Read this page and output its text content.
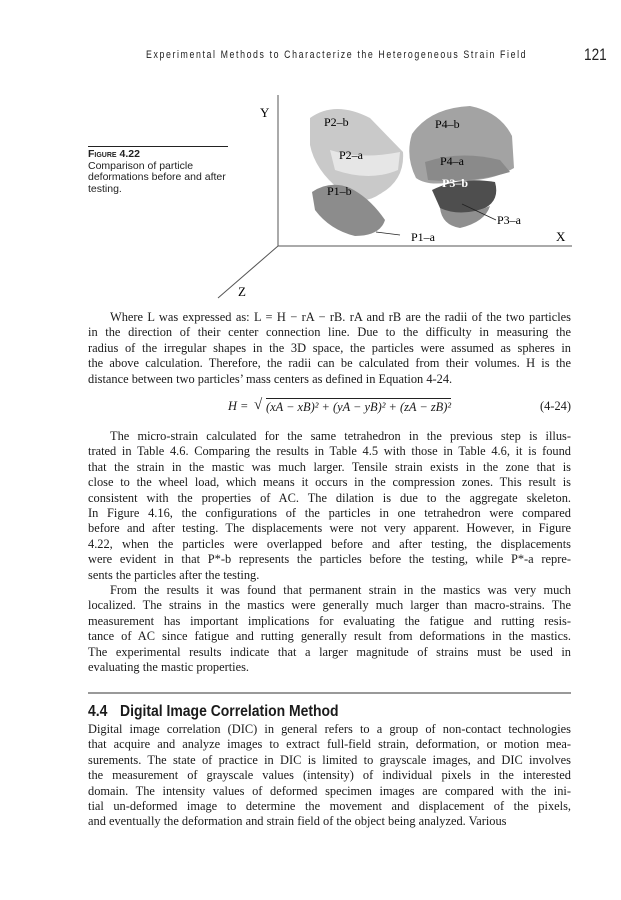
Experimental Methods to Characterize the Heterogeneous Strain Field	121
Figure 4.22
Comparison of particle deformations before and after testing.
Y
X
Z
P2–b
P2–a
P4–b
P4–a
P3–b
P3–a
P1–b
P1–a
Where L was expressed as: L = H − rA − rB. rA and rB are the radii of the two particles
in the direction of their center connection line. Due to the difficulty in measuring the
radius of the irregular shapes in the 3D space, the particles were assumed as spheres in
the above calculation. Therefore, the radii can be calculated from their volumes. H is the
distance between two particles’ mass centers as defined in Equation 4-24.
H = √ (xA − xB)² + (yA − yB)² + (zA − zB)²	(4-24)
The micro-strain calculated for the same tetrahedron in the previous step is illus-
trated in Table 4.6. Comparing the results in Table 4.5 with those in Table 4.6, it is found
that the strain in the mastic was much larger. Tensile strain exists in the zone that is
close to the wheel load, which means it occurs in the compression zones. This result is
consistent with the properties of AC. The dilation is due to the aggregate skeleton.
In Figure 4.16, the configurations of the particles in one tetrahedron were compared
before and after testing. The displacements were not very apparent. However, in Figure
4.22, when the particles were overlapped before and after testing, the displacements
were evident in that P*-b represents the particles before the testing, while P*-a repre-
sents the particles after the testing.
From the results it was found that permanent strain in the mastics was very much
localized. The strains in the mastics were generally much larger than macro-strains. The
measurement has important implications for evaluating the fatigue and rutting resis-
tance of AC since fatigue and rutting generally result from deformations in the mastics.
The experimental results indicate that a larger magnitude of strains must be used in
evaluating the mastic properties.
4.4 Digital Image Correlation Method
Digital image correlation (DIC) in general refers to a group of non-contact technologies
that acquire and analyze images to extract full-field strain, deformation, or motion mea-
surements. The state of practice in DIC is limited to grayscale images, and DIC involves
the measurement of grayscale values (intensity) of individual pixels in the interested
domain. The intensity values of deformed specimen images are compared with the ini-
tial un-deformed image to determine the movement and displacement of the pixels,
and eventually the deformation and strain field of the object being analyzed. Various
